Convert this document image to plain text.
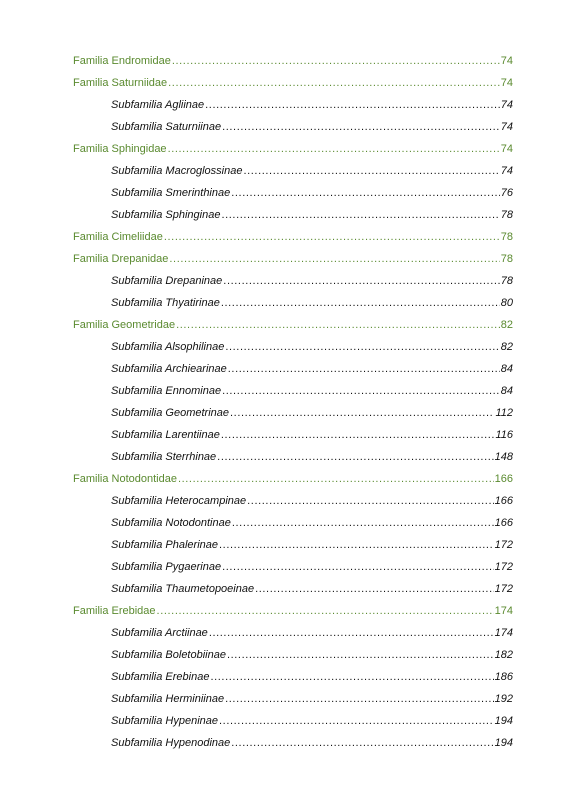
Familia Endromidae .....	74
Familia Saturniidae .....	74
Subfamilia Agliinae .....	74
Subfamilia Saturniinae .....	74
Familia Sphingidae .....	74
Subfamilia Macroglossinae .....	74
Subfamilia Smerinthinae .....	76
Subfamilia Sphinginae .....	78
Familia Cimeliidae .....	78
Familia Drepanidae .....	78
Subfamilia Drepaninae .....	78
Subfamilia Thyatirinae .....	80
Familia Geometridae .....	82
Subfamilia Alsophilinae .....	82
Subfamilia Archiearinae .....	84
Subfamilia Ennominae .....	84
Subfamilia Geometrinae .....	112
Subfamilia Larentiinae .....	116
Subfamilia Sterrhinae .....	148
Familia Notodontidae .....	166
Subfamilia Heterocampinae .....	166
Subfamilia Notodontinae .....	166
Subfamilia Phalerinae .....	172
Subfamilia Pygaerinae .....	172
Subfamilia Thaumetopoeinae .....	172
Familia Erebidae .....	174
Subfamilia Arctiinae .....	174
Subfamilia Boletobiinae .....	182
Subfamilia Erebinae .....	186
Subfamilia Herminiinae .....	192
Subfamilia Hypeninae .....	194
Subfamilia Hypenodinae .....	194
